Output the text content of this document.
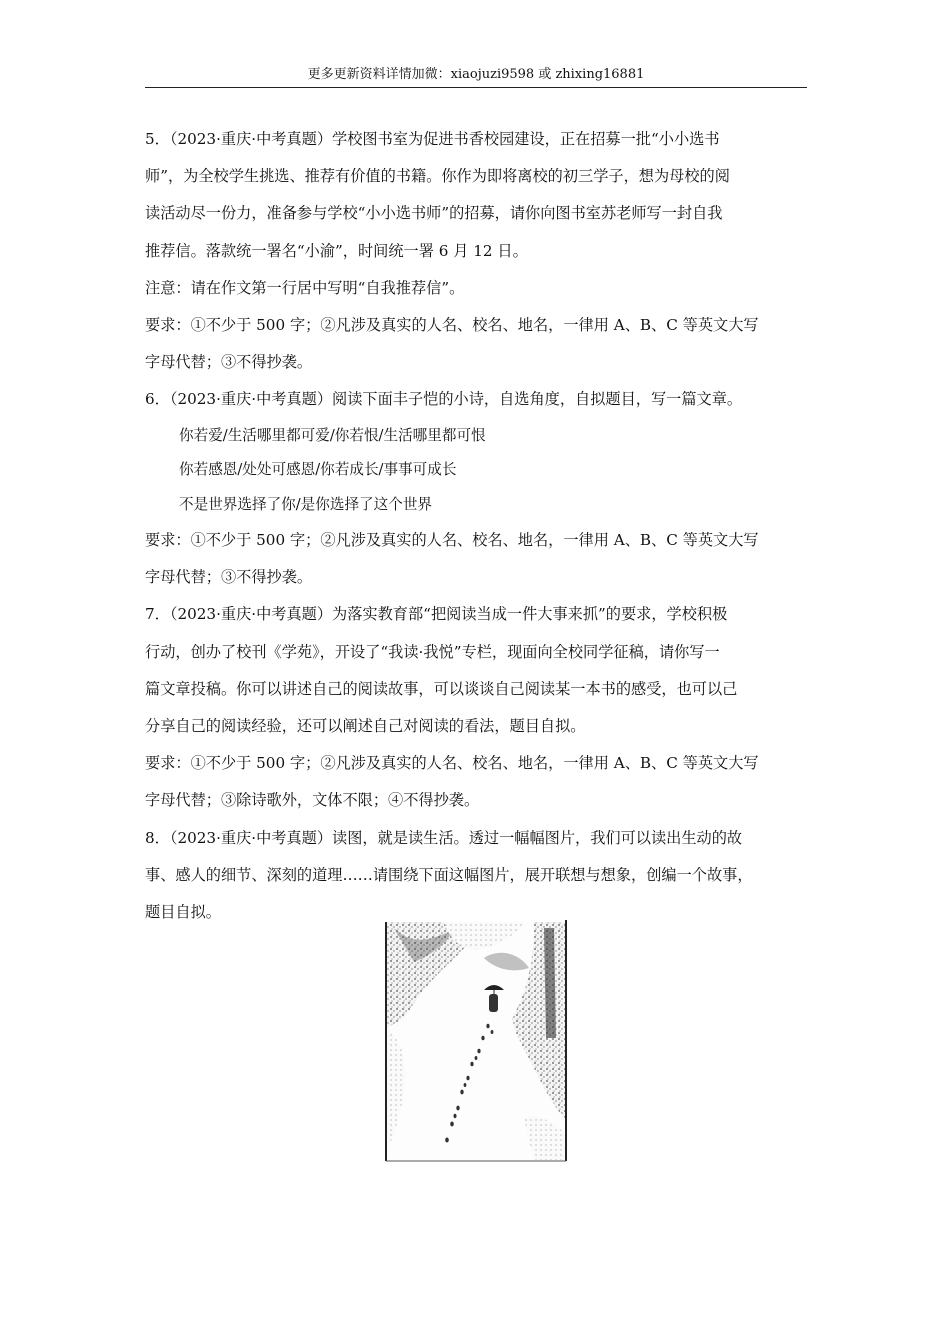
更多更新资料详情加微：xiaojuzi9598 或 zhixing16881
5．（2023·重庆·中考真题）学校图书室为促进书香校园建设，正在招募一批“小小选书
师”，为全校学生挑选、推荐有价值的书籍。你作为即将离校的初三学子，想为母校的阅
读活动尽一份力，准备参与学校“小小选书师”的招募，请你向图书室苏老师写一封自我
推荐信。落款统一署名“小渝”，时间统一署 6 月 12 日。
注意：请在作文第一行居中写明“自我推荐信”。
要求：①不少于 500 字；②凡涉及真实的人名、校名、地名，一律用 A、B、C 等英文大写
字母代替；③不得抄袭。
6．（2023·重庆·中考真题）阅读下面丰子恺的小诗，自选角度，自拟题目，写一篇文章。
你若爱/生活哪里都可爱/你若恨/生活哪里都可恨
你若感恩/处处可感恩/你若成长/事事可成长
不是世界选择了你/是你选择了这个世界
要求：①不少于 500 字；②凡涉及真实的人名、校名、地名，一律用 A、B、C 等英文大写
字母代替；③不得抄袭。
7．（2023·重庆·中考真题）为落实教育部“把阅读当成一件大事来抓”的要求，学校积极
行动，创办了校刊《学苑》，开设了“我读·我悦”专栏，现面向全校同学征稿，请你写一
篇文章投稿。你可以讲述自己的阅读故事，可以谈谈自己阅读某一本书的感受，也可以己
分享自己的阅读经验，还可以阐述自己对阅读的看法，题目自拟。
要求：①不少于 500 字；②凡涉及真实的人名、校名、地名，一律用 A、B、C 等英文大写
字母代替；③除诗歌外，文体不限；④不得抄袭。
8．（2023·重庆·中考真题）读图，就是读生活。透过一幅幅图片，我们可以读出生动的故
事、感人的细节、深刻的道理……请围绕下面这幅图片，展开联想与想象，创编一个故事，
题目自拟。
